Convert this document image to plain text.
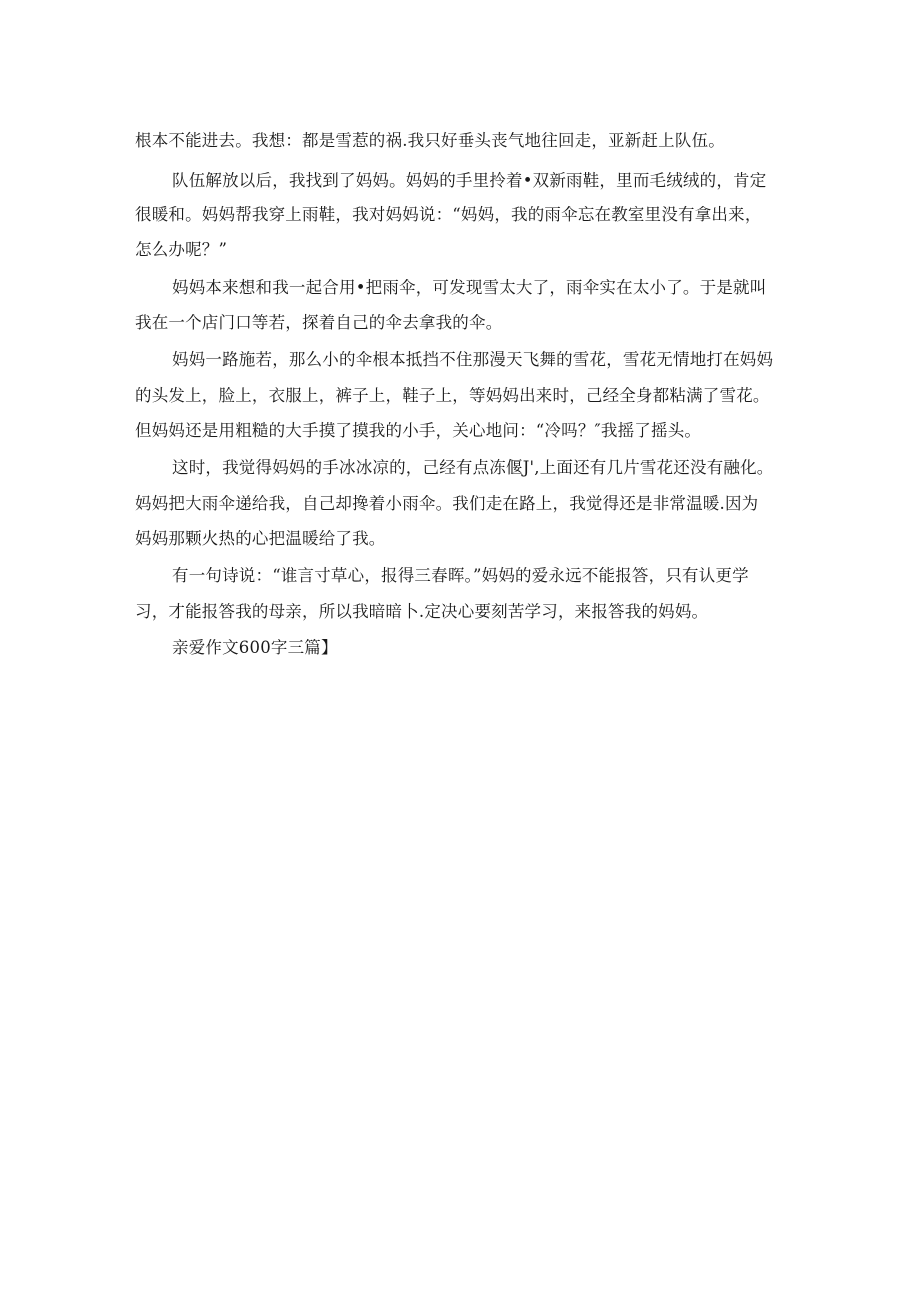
根本不能进去。我想：都是雪惹的祸.我只好垂头丧气地往回走，亚新赶上队伍。
队伍解放以后，我找到了妈妈。妈妈的手里拎着•双新雨鞋，里而毛绒绒的，肯定
很暖和。妈妈帮我穿上雨鞋，我对妈妈说：“妈妈，我的雨伞忘在教室里没有拿出来，
怎么办呢？”
妈妈本来想和我一起合用•把雨伞，可发现雪太大了，雨伞实在太小了。于是就叫
我在一个店门口等若，探着自己的伞去拿我的伞。
妈妈一路施若，那么小的伞根本抵挡不住那漫天飞舞的雪花，雪花无情地打在妈妈
的头发上，脸上，衣服上，裤子上，鞋子上，等妈妈出来时，己经全身都粘满了雪花。
但妈妈还是用粗糙的大手摸了摸我的小手，关心地问：“冷吗？″我摇了摇头。
这时，我觉得妈妈的手冰冰凉的，己经有点冻偃J',上面还有几片雪花还没有融化。
妈妈把大雨伞递给我，自己却搀着小雨伞。我们走在路上，我觉得还是非常温暖.因为
妈妈那颗火热的心把温暖给了我。
有一句诗说：“谁言寸草心，报得三春晖。”妈妈的爱永远不能报答，只有认更学
习，才能报答我的母亲，所以我暗暗卜.定决心要刻苦学习，来报答我的妈妈。
亲爱作文600字三篇】
